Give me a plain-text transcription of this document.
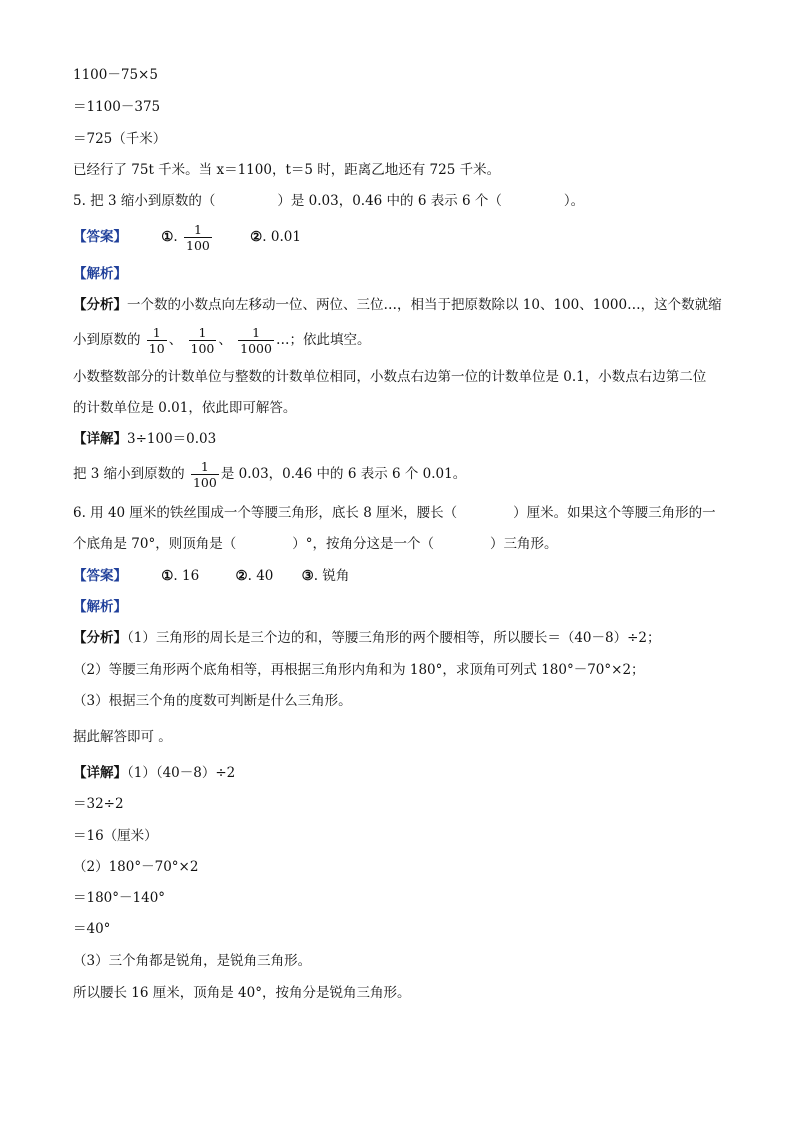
1100－75×5
＝1100－375
＝725（千米）
已经行了 75t 千米。当 x＝1100，t＝5 时，距离乙地还有 725 千米。
5. 把 3 缩小到原数的（	）是 0.03，0.46 中的 6 表示 6 个（	）。
【答案】	①. $\frac{1}{100}$	②. 0.01
【解析】
【分析】一个数的小数点向左移动一位、两位、三位…，相当于把原数除以 10、100、1000…，这个数就缩
小到原数的 $\frac{1}{10}$ 、 $\frac{1}{100}$ 、 $\frac{1}{1000}$ …；依此填空。
小数整数部分的计数单位与整数的计数单位相同，小数点右边第一位的计数单位是 0.1，小数点右边第二位
的计数单位是 0.01，依此即可解答。
【详解】3÷100＝0.03
把 3 缩小到原数的 $\frac{1}{100}$ 是 0.03，0.46 中的 6 表示 6 个 0.01。
6. 用 40 厘米的铁丝围成一个等腰三角形，底长 8 厘米，腰长（	）厘米。如果这个等腰三角形的一
个底角是 70°，则顶角是（	）°，按角分这是一个（	）三角形。
【答案】	①. 16	②. 40 ③. 锐角
【解析】
【分析】（1）三角形的周长是三个边的和，等腰三角形的两个腰相等，所以腰长＝（40－8）÷2；
（2）等腰三角形两个底角相等，再根据三角形内角和为 180°，求顶角可列式 180°－70°×2；
（3）根据三个角的度数可判断是什么三角形。
据此解答即可 。
【详解】（1）（40－8）÷2
＝32÷2
＝16（厘米）
（2）180°－70°×2
＝180°－140°
＝40°
（3）三个角都是锐角，是锐角三角形。
所以腰长 16 厘米，顶角是 40°，按角分是锐角三角形。
